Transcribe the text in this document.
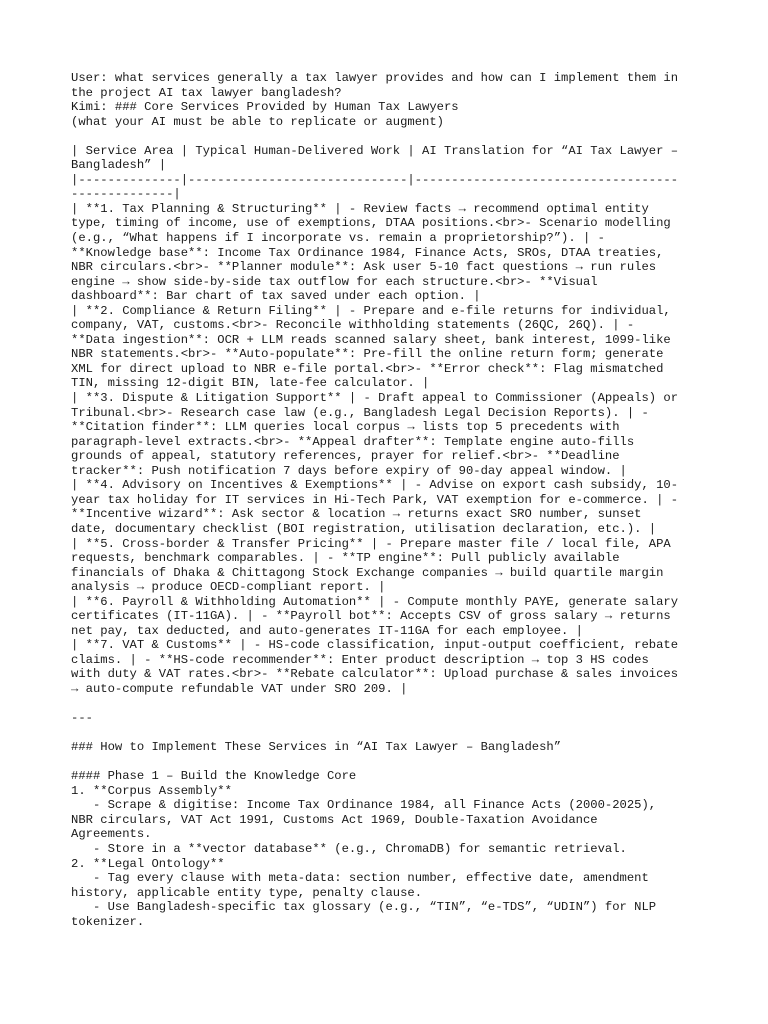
User: what services generally a tax lawyer provides and how can I implement them in
the project AI tax lawyer bangladesh?
Kimi: ### Core Services Provided by Human Tax Lawyers
(what your AI must be able to replicate or augment)
| Service Area | Typical Human-Delivered Work | AI Translation for “AI Tax Lawyer –
Bangladesh” |
|--------------|------------------------------|------------------------------------
--------------|
| **1. Tax Planning & Structuring** | - Review facts → recommend optimal entity
type, timing of income, use of exemptions, DTAA positions.<br>- Scenario modelling
(e.g., “What happens if I incorporate vs. remain a proprietorship?”). | -
**Knowledge base**: Income Tax Ordinance 1984, Finance Acts, SROs, DTAA treaties,
NBR circulars.<br>- **Planner module**: Ask user 5-10 fact questions → run rules
engine → show side-by-side tax outflow for each structure.<br>- **Visual
dashboard**: Bar chart of tax saved under each option. |
| **2. Compliance & Return Filing** | - Prepare and e-file returns for individual,
company, VAT, customs.<br>- Reconcile withholding statements (26QC, 26Q). | -
**Data ingestion**: OCR + LLM reads scanned salary sheet, bank interest, 1099-like
NBR statements.<br>- **Auto-populate**: Pre-fill the online return form; generate
XML for direct upload to NBR e-file portal.<br>- **Error check**: Flag mismatched
TIN, missing 12-digit BIN, late-fee calculator. |
| **3. Dispute & Litigation Support** | - Draft appeal to Commissioner (Appeals) or
Tribunal.<br>- Research case law (e.g., Bangladesh Legal Decision Reports). | -
**Citation finder**: LLM queries local corpus → lists top 5 precedents with
paragraph-level extracts.<br>- **Appeal drafter**: Template engine auto-fills
grounds of appeal, statutory references, prayer for relief.<br>- **Deadline
tracker**: Push notification 7 days before expiry of 90-day appeal window. |
| **4. Advisory on Incentives & Exemptions** | - Advise on export cash subsidy, 10-
year tax holiday for IT services in Hi-Tech Park, VAT exemption for e-commerce. | -
**Incentive wizard**: Ask sector & location → returns exact SRO number, sunset
date, documentary checklist (BOI registration, utilisation declaration, etc.). |
| **5. Cross-border & Transfer Pricing** | - Prepare master file / local file, APA
requests, benchmark comparables. | - **TP engine**: Pull publicly available
financials of Dhaka & Chittagong Stock Exchange companies → build quartile margin
analysis → produce OECD-compliant report. |
| **6. Payroll & Withholding Automation** | - Compute monthly PAYE, generate salary
certificates (IT-11GA). | - **Payroll bot**: Accepts CSV of gross salary → returns
net pay, tax deducted, and auto-generates IT-11GA for each employee. |
| **7. VAT & Customs** | - HS-code classification, input-output coefficient, rebate
claims. | - **HS-code recommender**: Enter product description → top 3 HS codes
with duty & VAT rates.<br>- **Rebate calculator**: Upload purchase & sales invoices
→ auto-compute refundable VAT under SRO 209. |
---
### How to Implement These Services in “AI Tax Lawyer – Bangladesh”
#### Phase 1 – Build the Knowledge Core
1. **Corpus Assembly**
- Scrape & digitise: Income Tax Ordinance 1984, all Finance Acts (2000-2025),
NBR circulars, VAT Act 1991, Customs Act 1969, Double-Taxation Avoidance
Agreements.
- Store in a **vector database** (e.g., ChromaDB) for semantic retrieval.
2. **Legal Ontology**
- Tag every clause with meta-data: section number, effective date, amendment
history, applicable entity type, penalty clause.
- Use Bangladesh-specific tax glossary (e.g., “TIN”, “e-TDS”, “UDIN”) for NLP
tokenizer.
